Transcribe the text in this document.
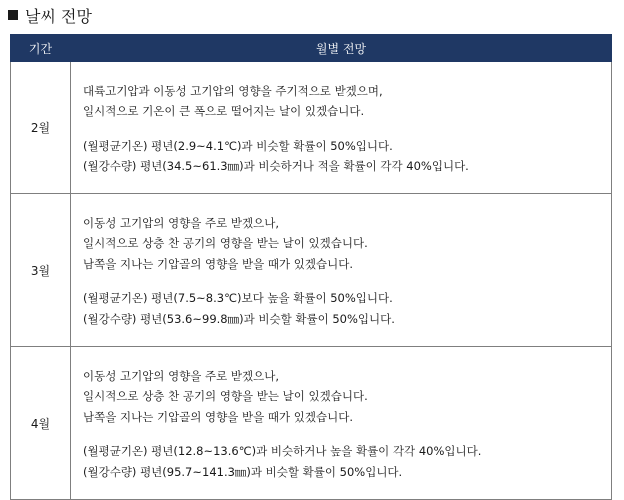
날씨 전망
기간	월별 전망
2월	대륙고기압과 이동성 고기압의 영향을 주기적으로 받겠으며,
일시적으로 기온이 큰 폭으로 떨어지는 날이 있겠습니다.
(월평균기온) 평년(2.9~4.1℃)과 비슷할 확률이 50%입니다.
(월강수량) 평년(34.5~61.3㎜)과 비슷하거나 적을 확률이 각각 40%입니다.

3월	이동성 고기압의 영향을 주로 받겠으나,
일시적으로 상층 찬 공기의 영향을 받는 날이 있겠습니다.
남쪽을 지나는 기압골의 영향을 받을 때가 있겠습니다.
(월평균기온) 평년(7.5~8.3℃)보다 높을 확률이 50%입니다.
(월강수량) 평년(53.6~99.8㎜)과 비슷할 확률이 50%입니다.

4월	이동성 고기압의 영향을 주로 받겠으나,
일시적으로 상층 찬 공기의 영향을 받는 날이 있겠습니다.
남쪽을 지나는 기압골의 영향을 받을 때가 있겠습니다.
(월평균기온) 평년(12.8~13.6℃)과 비슷하거나 높을 확률이 각각 40%입니다.
(월강수량) 평년(95.7~141.3㎜)과 비슷할 확률이 50%입니다.
